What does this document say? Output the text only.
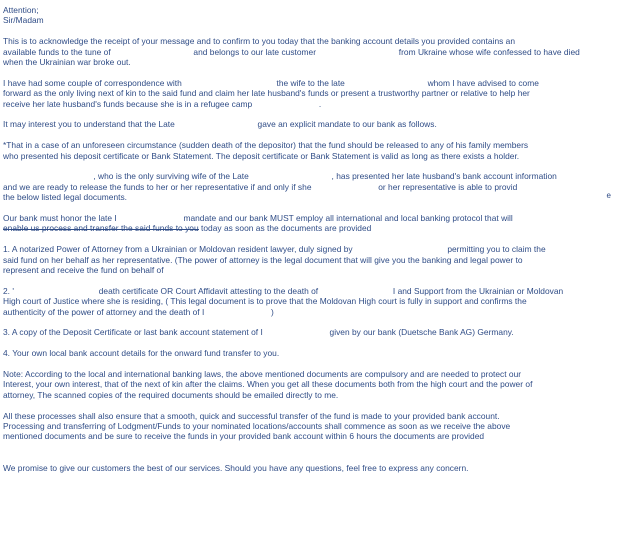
Attention;

Sir/Madam

This is to acknowledge the receipt of your message and to confirm to you today that the banking account details you provided contains an
available funds to the tune of	and belongs to our late customer	from Ukraine whose wife confessed to have died
when the Ukrainian war broke out.

I have had some couple of correspondence with	the wife to the late	whom I have advised to come
forward as the only living next of kin to the said fund and claim her late husband's funds or present a trustworthy partner or relative to help her
receive her late husband's funds because she is in a refugee camp	.

It may interest you to understand that the Late	gave an explicit mandate to our bank as follows.

*That in a case of an unforeseen circumstance (sudden death of the depositor) that the fund should be released to any of his family members
who presented his deposit certificate or Bank Statement. The deposit certificate or Bank Statement is valid as long as there exists a holder.

e

, who is the only surviving wife of the Late	, has presented her late husband's bank account information
and we are ready to release the funds to her or her representative if and only if she	or her representative is able to provid
the below listed legal documents.

Our bank must honor the late I	mandate and our bank MUST employ all international and local banking protocol that will
enable us process and transfer the said funds to you today as soon as the documents are provided

1. A notarized Power of Attorney from a Ukrainian or Moldovan resident lawyer, duly signed by	permitting you to claim the
said fund on her behalf as her representative. (The power of attorney is the legal document that will give you the banking and legal power to
represent and receive the fund on behalf of

2. '	death certificate OR Court Affidavit attesting to the death of	I and Support from the Ukrainian or Moldovan
High court of Justice where she is residing, ( This legal document is to prove that the Moldovan High court is fully in support and confirms the
authenticity of the power of attorney and the death of I	)

3. A copy of the Deposit Certificate or last bank account statement of I	given by our bank (Duetsche Bank AG) Germany.

4. Your own local bank account details for the onward fund transfer to you.

Note: According to the local and international banking laws, the above mentioned documents are compulsory and are needed to protect our
Interest, your own interest, that of the next of kin after the claims. When you get all these documents both from the high court and the power of
attorney, The scanned copies of the required documents should be emailed directly to me.

All these processes shall also ensure that a smooth, quick and successful transfer of the fund is made to your provided bank account.
Processing and transferring of Lodgment/Funds to your nominated locations/accounts shall commence as soon as we receive the above
mentioned documents and be sure to receive the funds in your provided bank account within 6 hours the documents are provided

We promise to give our customers the best of our services. Should you have any questions, feel free to express any concern.
